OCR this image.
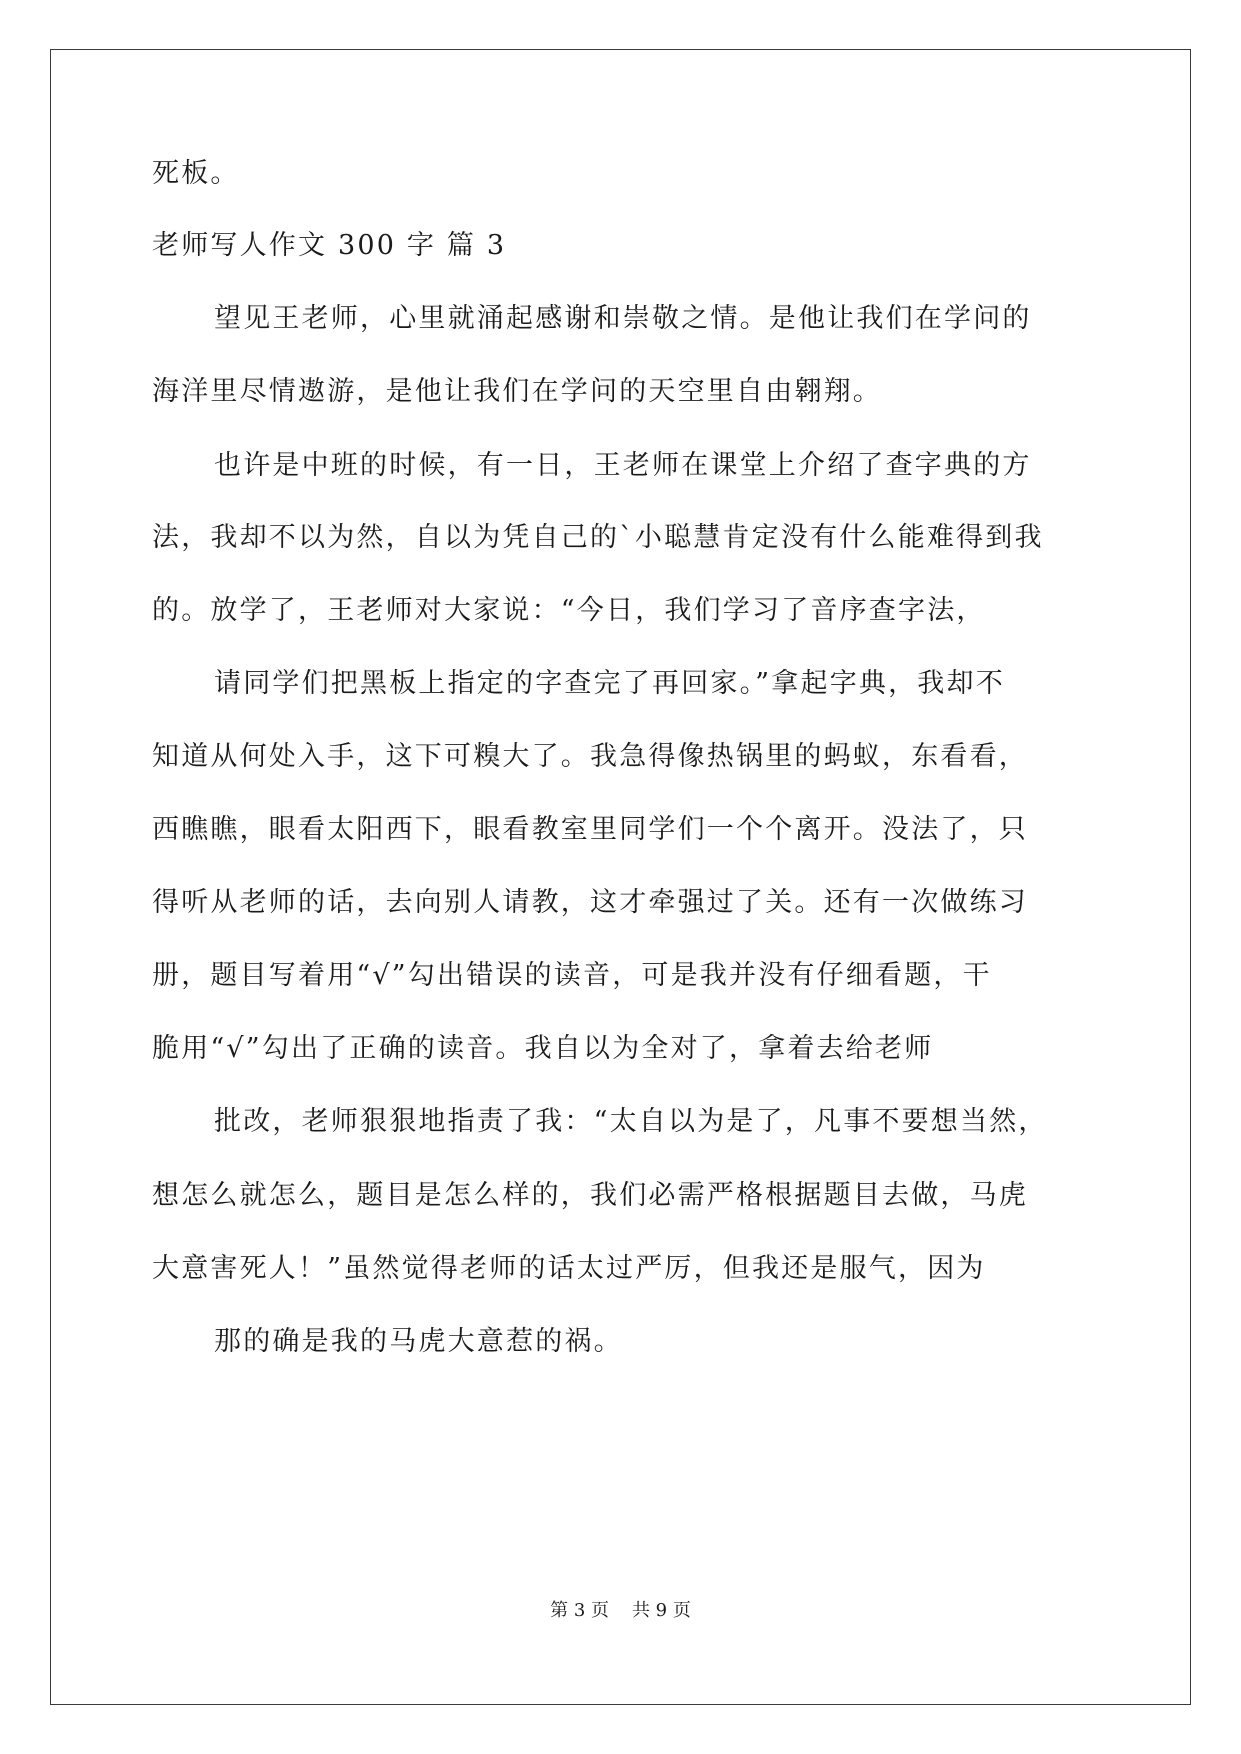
死板。
老师写人作文 300 字 篇 3
望见王老师，心里就涌起感谢和崇敬之情。是他让我们在学问的
海洋里尽情遨游，是他让我们在学问的天空里自由翱翔。
也许是中班的时候，有一日，王老师在课堂上介绍了查字典的方
法，我却不以为然，自以为凭自己的`小聪慧肯定没有什么能难得到我
的。放学了，王老师对大家说：“今日，我们学习了音序查字法，
请同学们把黑板上指定的字查完了再回家。”拿起字典，我却不
知道从何处入手，这下可糗大了。我急得像热锅里的蚂蚁，东看看，
西瞧瞧，眼看太阳西下，眼看教室里同学们一个个离开。没法了，只
得听从老师的话，去向别人请教，这才牵强过了关。还有一次做练习
册，题目写着用“√”勾出错误的读音，可是我并没有仔细看题，干
脆用“√”勾出了正确的读音。我自以为全对了，拿着去给老师
批改，老师狠狠地指责了我：“太自以为是了，凡事不要想当然，
想怎么就怎么，题目是怎么样的，我们必需严格根据题目去做，马虎
大意害死人！”虽然觉得老师的话太过严厉，但我还是服气，因为
那的确是我的马虎大意惹的祸。
第 3 页    共 9 页
